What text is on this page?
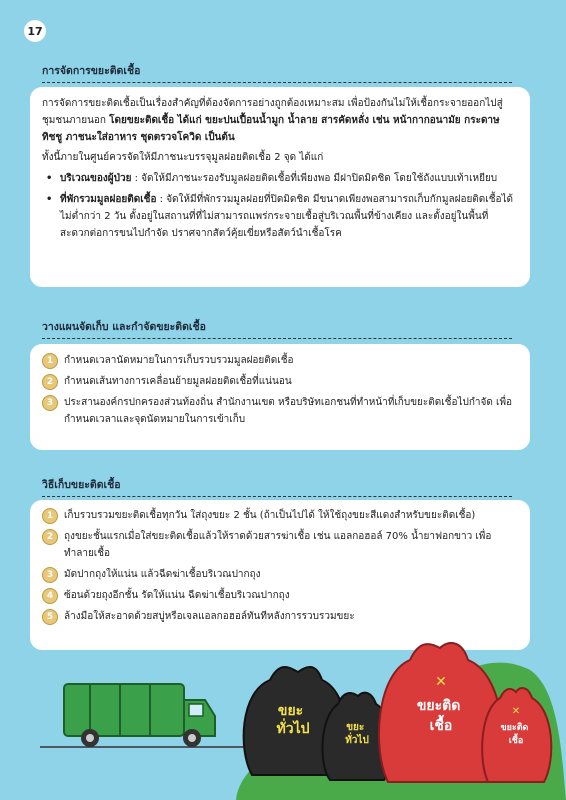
17
การจัดการขยะติดเชื้อ

การจัดการขยะติดเชื้อเป็นเรื่องสำคัญที่ต้องจัดการอย่างถูกต้องเหมาะสม เพื่อป้องกันไม่ให้เชื้อกระจายออกไปสู่ชุมชนภายนอก โดยขยะติดเชื้อ ได้แก่ ขยะปนเปื้อนน้ำมูก น้ำลาย สารคัดหลั่ง เช่น หน้ากากอนามัย กระดาษทิชชู ภาชนะใส่อาหาร ชุดตรวจโควิด เป็นต้น

ทั้งนี้ภายในศูนย์ควรจัดให้มีภาชนะบรรจุมูลฝอยติดเชื้อ 2 จุด ได้แก่

• บริเวณของผู้ป่วย : จัดให้มีภาชนะรองรับมูลฝอยติดเชื้อที่เพียงพอ มีฝาปิดมิดชิด โดยใช้ถังแบบเท้าเหยียบ
• ที่พักรวมมูลฝอยติดเชื้อ : จัดให้มีที่พักรวมมูลฝอยที่ปิดมิดชิด มีขนาดเพียงพอสามารถเก็บกักมูลฝอยติดเชื้อได้ไม่ต่ำกว่า 2 วัน ตั้งอยู่ในสถานที่ที่ไม่สามารถแพร่กระจายเชื้อสู่บริเวณพื้นที่ข้างเคียง และตั้งอยู่ในพื้นที่สะดวกต่อการขนไปกำจัด ปราศจากสัตว์คุ้ยเขี่ยหรือสัตว์นำเชื้อโรค
วางแผนจัดเก็บ และกำจัดขยะติดเชื้อ
1	กำหนดเวลานัดหมายในการเก็บรวบรวมมูลฝอยติดเชื้อ
2	กำหนดเส้นทางการเคลื่อนย้ายมูลฝอยติดเชื้อที่แน่นอน
3	ประสานองค์กรปกครองส่วนท้องถิ่น สำนักงานเขต หรือบริษัทเอกชนที่ทำหน้าที่เก็บขยะติดเชื้อไปกำจัด เพื่อกำหนดเวลาและจุดนัดหมายในการเข้าเก็บ
วิธีเก็บขยะติดเชื้อ
1	เก็บรวบรวมขยะติดเชื้อทุกวัน ใส่ถุงขยะ 2 ชั้น (ถ้าเป็นไปได้ ให้ใช้ถุงขยะสีแดงสำหรับขยะติดเชื้อ)
2	ถุงขยะชั้นแรกเมื่อใส่ขยะติดเชื้อแล้วให้ราดด้วยสารฆ่าเชื้อ เช่น แอลกอฮอล์ 70% น้ำยาฟอกขาว เพื่อทำลายเชื้อ
3	มัดปากถุงให้แน่น แล้วฉีดฆ่าเชื้อบริเวณปากถุง
4	ซ้อนด้วยถุงอีกชั้น รัดให้แน่น ฉีดฆ่าเชื้อบริเวณปากถุง
5	ล้างมือให้สะอาดด้วยสบู่หรือเจลแอลกอฮอล์ทันทีหลังการรวบรวมขยะ
ขยะ ทั่วไป	ขยะ ทั่วไป
✕
ขยะติด เชื้อ
✕
ขยะติด เชื้อ
